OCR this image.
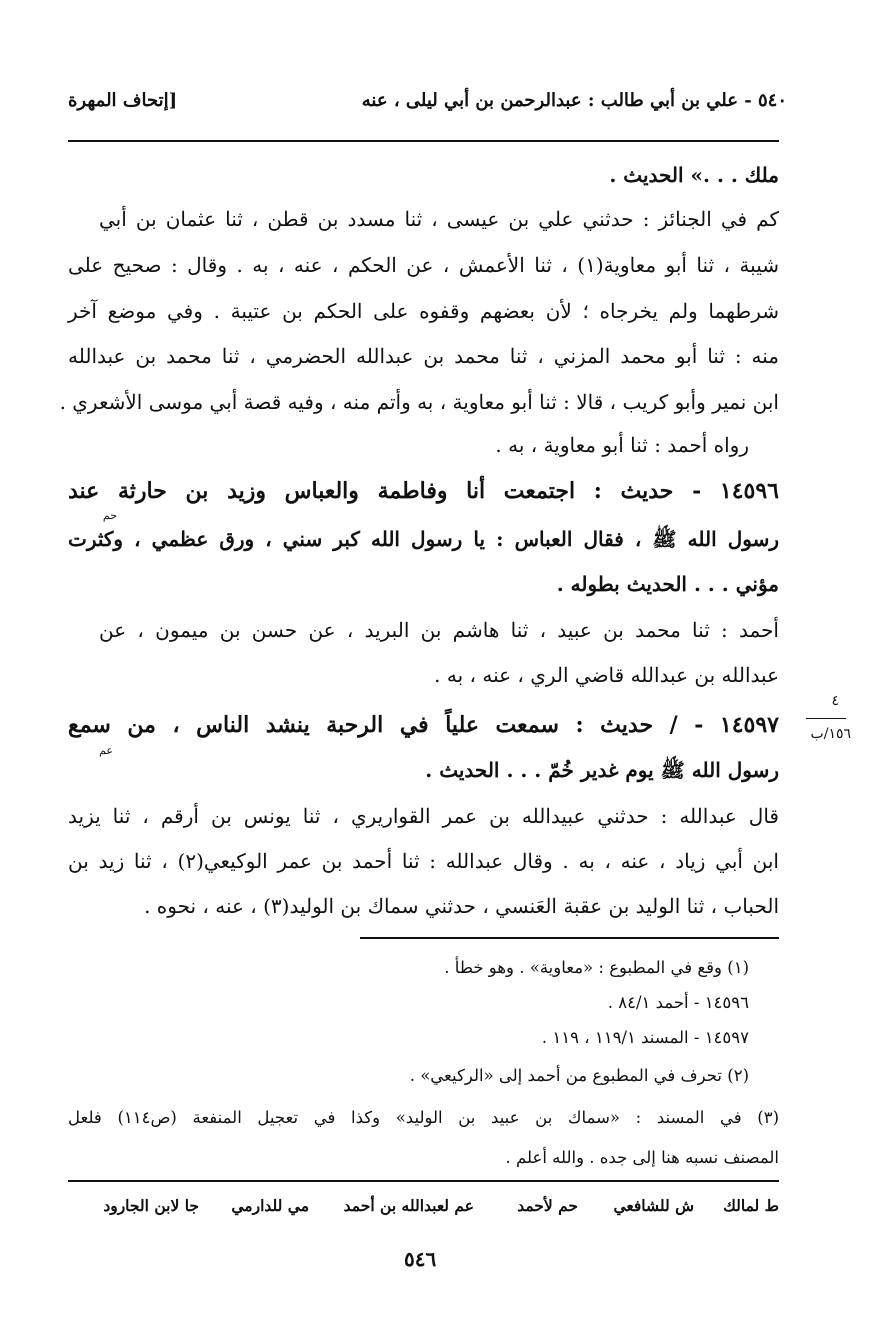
٥٤٠ - علي بن أبي طالب : عبدالرحمن بن أبي ليلى ، عنه
[إتحاف المهرة
ملك . . .» الحديث .
كم في الجنائز : حدثني علي بن عيسى ، ثنا مسدد بن قطن ، ثنا عثمان بن أبي
شيبة ، ثنا أبو معاوية(١) ، ثنا الأعمش ، عن الحكم ، عنه ، به . وقال : صحيح على
شرطهما ولم يخرجاه ؛ لأن بعضهم وقفوه على الحكم بن عتيبة . وفي موضع آخر
منه : ثنا أبو محمد المزني ، ثنا محمد بن عبدالله الحضرمي ، ثنا محمد بن عبدالله
ابن نمير وأبو كريب ، قالا : ثنا أبو معاوية ، به وأتم منه ، وفيه قصة أبي موسى الأشعري .
رواه أحمد : ثنا أبو معاوية ، به .
١٤٥٩٦ - حديث : اجتمعت أنا وفاطمة والعباس وزيد بن حارثة عند
حم
رسول الله ﷺ ، فقال العباس : يا رسول الله كبر سني ، ورق عظمي ، وكثرت
مؤني . . . الحديث بطوله .
أحمد : ثنا محمد بن عبيد ، ثنا هاشم بن البريد ، عن حسن بن ميمون ، عن
عبدالله بن عبدالله قاضي الري ، عنه ، به .
٤
١٥٦/ب
١٤٥٩٧ - / حديث : سمعت علياً في الرحبة ينشد الناس ، من سمع
عم
رسول الله ﷺ يوم غدير خُمّ . . . الحديث .
قال عبدالله : حدثني عبيدالله بن عمر القواريري ، ثنا يونس بن أرقم ، ثنا يزيد
ابن أبي زياد ، عنه ، به . وقال عبدالله : ثنا أحمد بن عمر الوكيعي(٢) ، ثنا زيد بن
الحباب ، ثنا الوليد بن عقبة العَنسي ، حدثني سماك بن الوليد(٣) ، عنه ، نحوه .
(١) وقع في المطبوع : «معاوية» . وهو خطأ .
١٤٥٩٦ - أحمد ٨٤/١ .
١٤٥٩٧ - المسند ١١٩/١ ، ١١٩ .
(٢) تحرف في المطبوع من أحمد إلى «الركيعي» .
(٣) في المسند : «سماك بن عبيد بن الوليد» وكذا في تعجيل المنفعة (ص١١٤) فلعل
المصنف نسبه هنا إلى جده . والله أعلم .
ط لمالك
ش للشافعي
حم لأحمد
عم لعبدالله بن أحمد
مي للدارمي
جا لابن الجارود
٥٤٦
